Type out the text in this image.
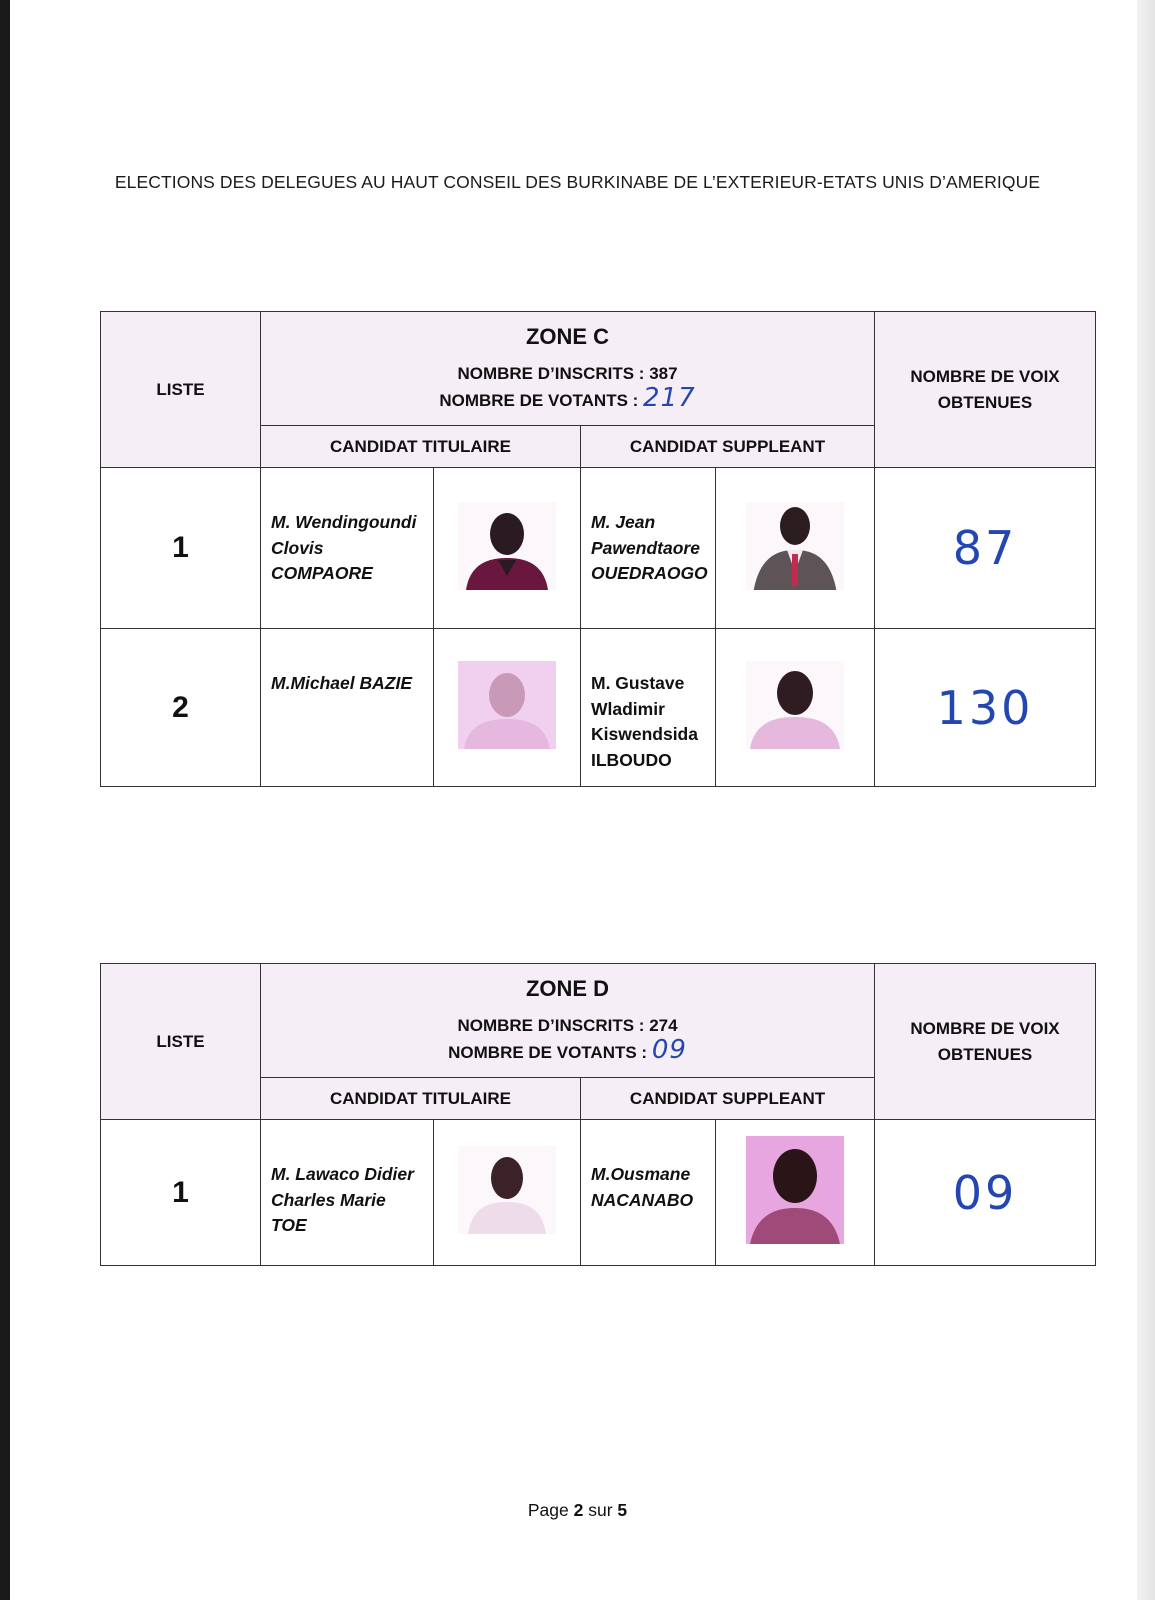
ELECTIONS DES DELEGUES AU HAUT CONSEIL DES BURKINABE DE L’EXTERIEUR-ETATS UNIS D’AMERIQUE
LISTE	ZONE C
NOMBRE D’INSCRITS : 387
NOMBRE DE VOTANTS : 217				NOMBRE DE VOIX
OBTENUES
	CANDIDAT TITULAIRE		CANDIDAT SUPPLEANT		
1	M. Wendingoundi Clovis COMPAORE		M. Jean Pawendtaore OUEDRAOGO		87
2	M.Michael BAZIE		M. Gustave Wladimir Kiswendsida ILBOUDO		130
LISTE	ZONE D
NOMBRE D’INSCRITS : 274
NOMBRE DE VOTANTS : 09				NOMBRE DE VOIX
OBTENUES
	CANDIDAT TITULAIRE		CANDIDAT SUPPLEANT		
1	M. Lawaco Didier Charles Marie TOE		M.Ousmane NACANABO		09
Page 2 sur 5
